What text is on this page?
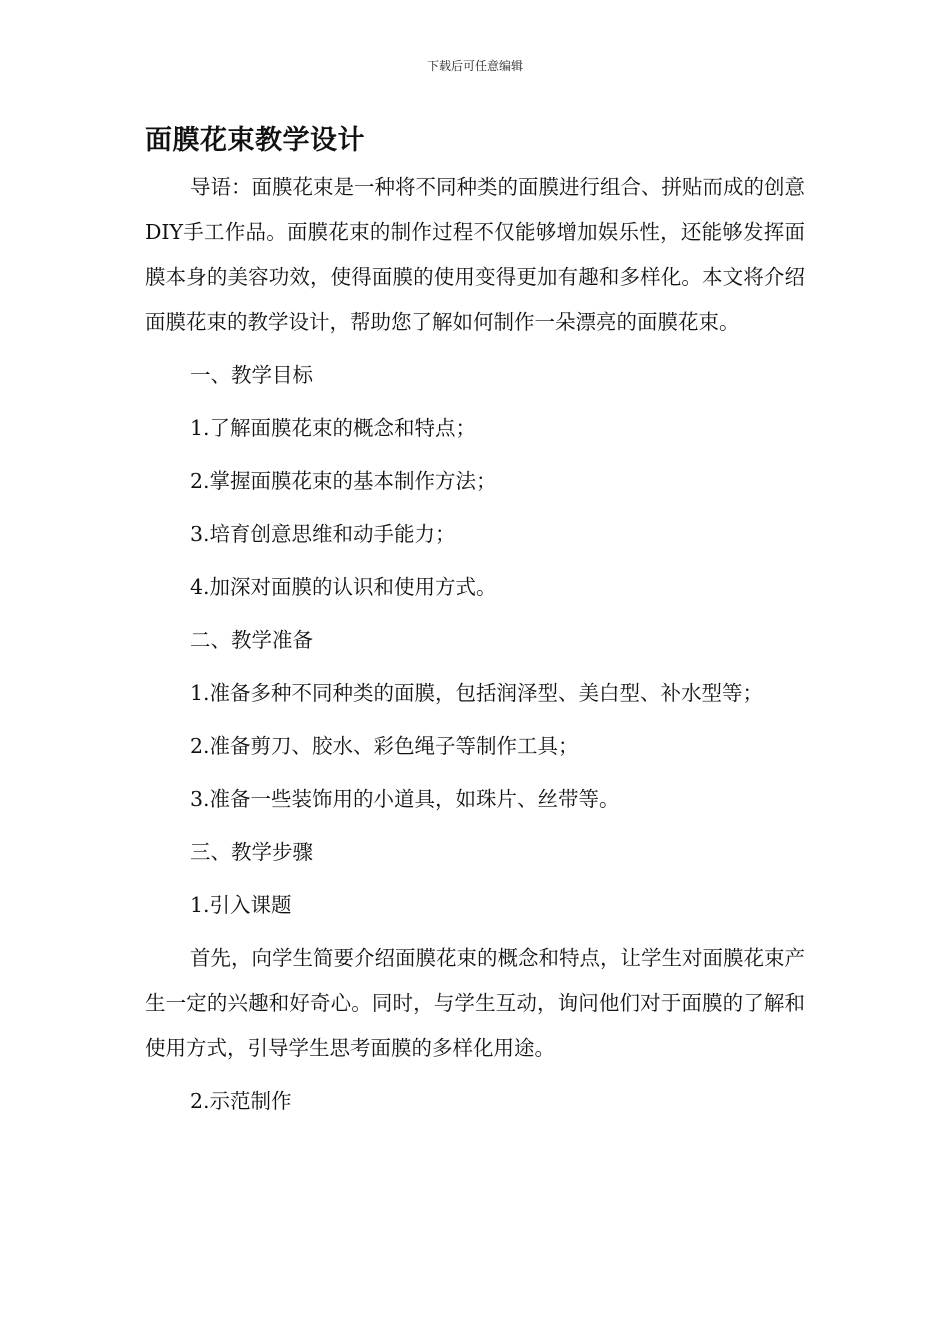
下载后可任意编辑
面膜花束教学设计

导语：面膜花束是一种将不同种类的面膜进行组合、拼贴而成的创意DIY手工作品。面膜花束的制作过程不仅能够增加娱乐性，还能够发挥面膜本身的美容功效，使得面膜的使用变得更加有趣和多样化。本文将介绍面膜花束的教学设计，帮助您了解如何制作一朵漂亮的面膜花束。

一、教学目标

1.了解面膜花束的概念和特点；

2.掌握面膜花束的基本制作方法；

3.培育创意思维和动手能力；

4.加深对面膜的认识和使用方式。

二、教学准备

1.准备多种不同种类的面膜，包括润泽型、美白型、补水型等；

2.准备剪刀、胶水、彩色绳子等制作工具；

3.准备一些装饰用的小道具，如珠片、丝带等。

三、教学步骤

1.引入课题

首先，向学生简要介绍面膜花束的概念和特点，让学生对面膜花束产生一定的兴趣和好奇心。同时，与学生互动，询问他们对于面膜的了解和使用方式，引导学生思考面膜的多样化用途。

2.示范制作
